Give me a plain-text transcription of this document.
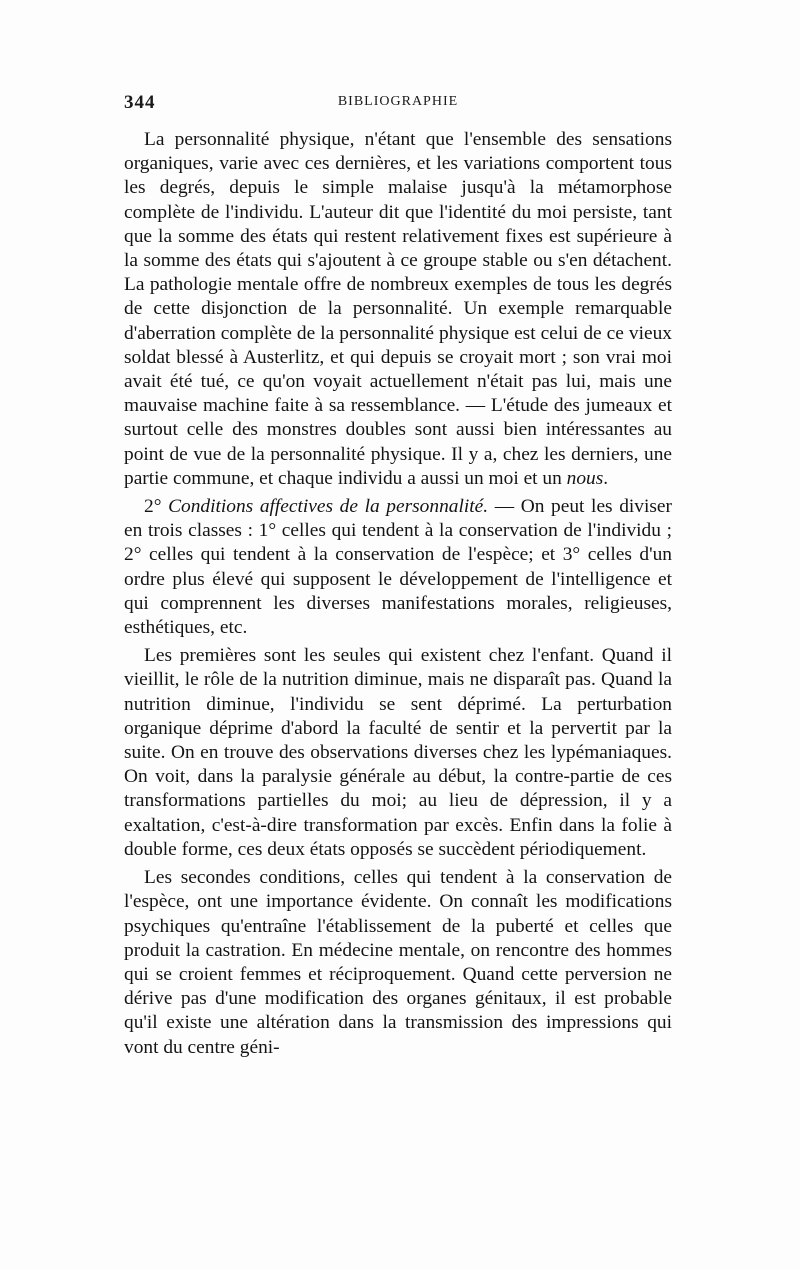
344	BIBLIOGRAPHIE

La personnalité physique, n'étant que l'ensemble des sensations organiques, varie avec ces dernières, et les variations comportent tous les degrés, depuis le simple malaise jusqu'à la métamorphose complète de l'individu. L'auteur dit que l'identité du moi persiste, tant que la somme des états qui restent relativement fixes est supérieure à la somme des états qui s'ajoutent à ce groupe stable ou s'en détachent. La pathologie mentale offre de nombreux exemples de tous les degrés de cette disjonction de la personnalité. Un exemple remarquable d'aberration complète de la personnalité physique est celui de ce vieux soldat blessé à Austerlitz, et qui depuis se croyait mort ; son vrai moi avait été tué, ce qu'on voyait actuellement n'était pas lui, mais une mauvaise machine faite à sa ressemblance. — L'étude des jumeaux et surtout celle des monstres doubles sont aussi bien intéressantes au point de vue de la personnalité physique. Il y a, chez les derniers, une partie commune, et chaque individu a aussi un moi et un nous.

2° Conditions affectives de la personnalité. — On peut les diviser en trois classes : 1° celles qui tendent à la conservation de l'individu ; 2° celles qui tendent à la conservation de l'espèce; et 3° celles d'un ordre plus élevé qui supposent le développement de l'intelligence et qui comprennent les diverses manifestations morales, religieuses, esthétiques, etc.

Les premières sont les seules qui existent chez l'enfant. Quand il vieillit, le rôle de la nutrition diminue, mais ne disparaît pas. Quand la nutrition diminue, l'individu se sent déprimé. La perturbation organique déprime d'abord la faculté de sentir et la pervertit par la suite. On en trouve des observations diverses chez les lypémaniaques. On voit, dans la paralysie générale au début, la contre-partie de ces transformations partielles du moi; au lieu de dépression, il y a exaltation, c'est-à-dire transformation par excès. Enfin dans la folie à double forme, ces deux états opposés se succèdent périodiquement.

Les secondes conditions, celles qui tendent à la conservation de l'espèce, ont une importance évidente. On connaît les modifications psychiques qu'entraîne l'établissement de la puberté et celles que produit la castration. En médecine mentale, on rencontre des hommes qui se croient femmes et réciproquement. Quand cette perversion ne dérive pas d'une modification des organes génitaux, il est probable qu'il existe une altération dans la transmission des impressions qui vont du centre géni-
